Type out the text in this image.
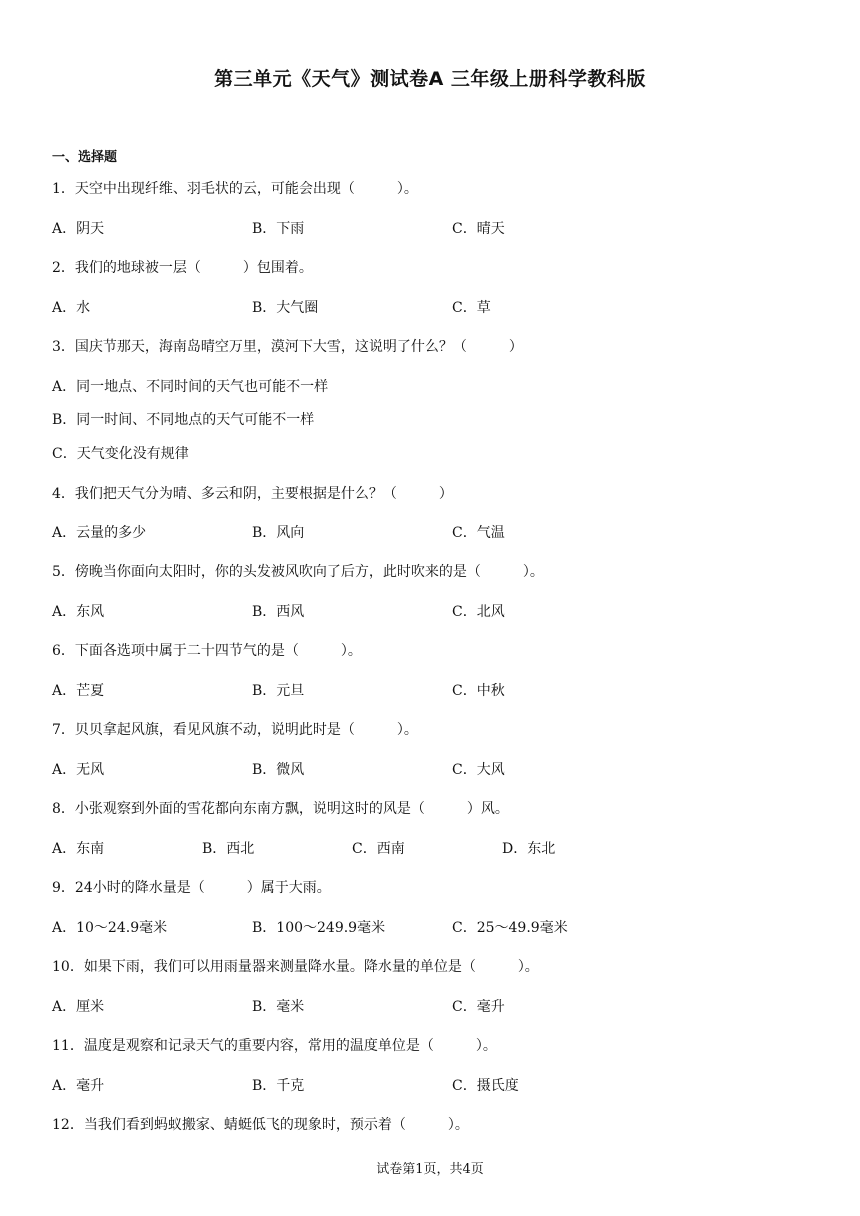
第三单元《天气》测试卷A 三年级上册科学教科版
一、选择题
1．天空中出现纤维、羽毛状的云，可能会出现（　　　）。
A．阴天	B．下雨	C．晴天
2．我们的地球被一层（　　　）包围着。
A．水	B．大气圈	C．草
3．国庆节那天，海南岛晴空万里，漠河下大雪，这说明了什么？（　　　）
A．同一地点、不同时间的天气也可能不一样
B．同一时间、不同地点的天气可能不一样
C．天气变化没有规律
4．我们把天气分为晴、多云和阴，主要根据是什么？（　　　）
A．云量的多少	B．风向	C．气温
5．傍晚当你面向太阳时，你的头发被风吹向了后方，此时吹来的是（　　　）。
A．东风	B．西风	C．北风
6．下面各选项中属于二十四节气的是（　　　）。
A．芒夏	B．元旦	C．中秋
7．贝贝拿起风旗，看见风旗不动，说明此时是（　　　）。
A．无风	B．微风	C．大风
8．小张观察到外面的雪花都向东南方飘，说明这时的风是（　　　）风。
A．东南	B．西北	C．西南	D．东北
9．24小时的降水量是（　　　）属于大雨。
A．10～24.9毫米	B．100～249.9毫米	C．25～49.9毫米
10．如果下雨，我们可以用雨量器来测量降水量。降水量的单位是（　　　）。
A．厘米	B．毫米	C．毫升
11．温度是观察和记录天气的重要内容，常用的温度单位是（　　　）。
A．毫升	B．千克	C．摄氏度
12．当我们看到蚂蚁搬家、蜻蜓低飞的现象时，预示着（　　　）。
试卷第1页，共4页
